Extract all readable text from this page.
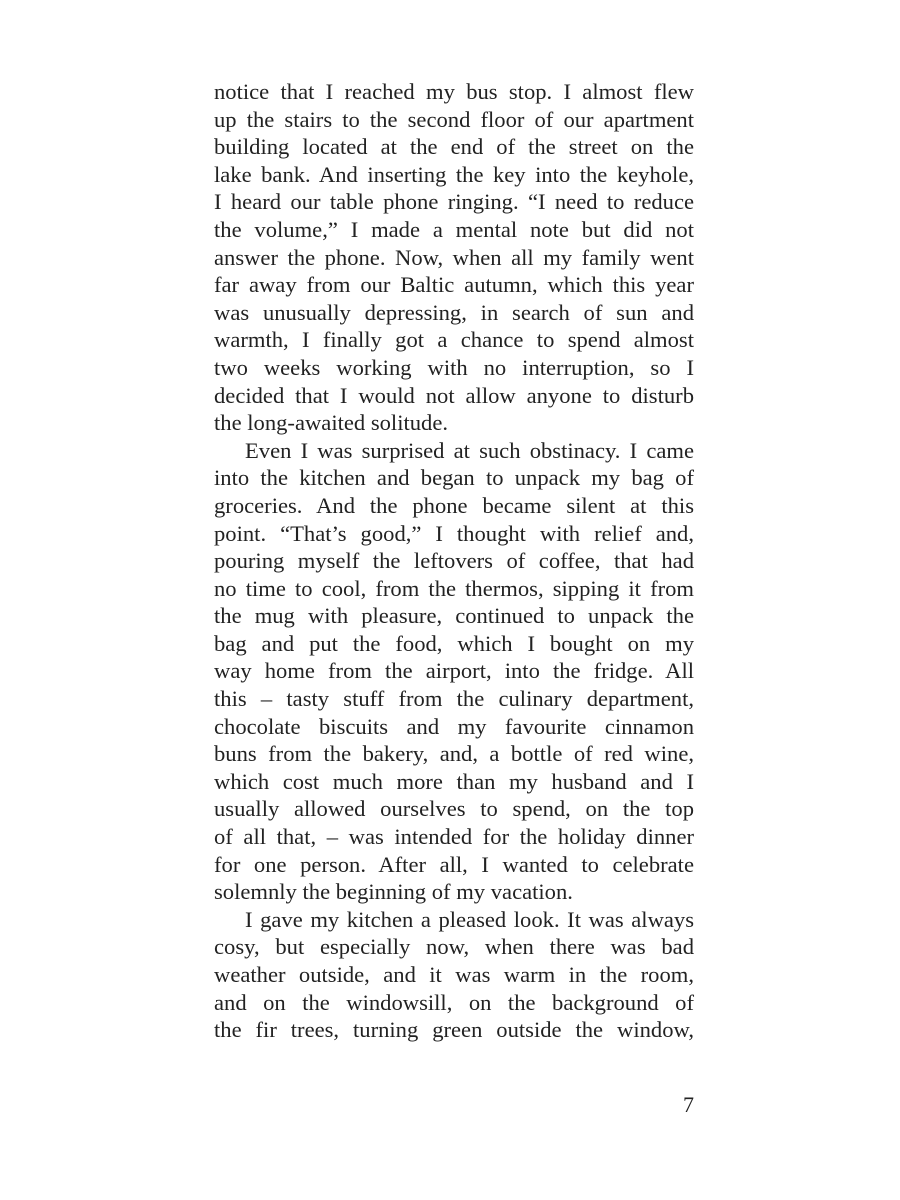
notice that I reached my bus stop. I almost flew
up the stairs to the second floor of our apartment
building located at the end of the street on the
lake bank. And inserting the key into the keyhole,
I heard our table phone ringing. “I need to reduce
the volume,” I made a mental note but did not
answer the phone. Now, when all my family went
far away from our Baltic autumn, which this year
was unusually depressing, in search of sun and
warmth, I finally got a chance to spend almost
two weeks working with no interruption, so I
decided that I would not allow anyone to disturb
the long-awaited solitude.
Even I was surprised at such obstinacy. I came
into the kitchen and began to unpack my bag of
groceries. And the phone became silent at this
point. “That’s good,” I thought with relief and,
pouring myself the leftovers of coffee, that had
no time to cool, from the thermos, sipping it from
the mug with pleasure, continued to unpack the
bag and put the food, which I bought on my
way home from the airport, into the fridge. All
this – tasty stuff from the culinary department,
chocolate biscuits and my favourite cinnamon
buns from the bakery, and, a bottle of red wine,
which cost much more than my husband and I
usually allowed ourselves to spend, on the top
of all that, – was intended for the holiday dinner
for one person. After all, I wanted to celebrate
solemnly the beginning of my vacation.
I gave my kitchen a pleased look. It was always
cosy, but especially now, when there was bad
weather outside, and it was warm in the room,
and on the windowsill, on the background of
the fir trees, turning green outside the window,
7
